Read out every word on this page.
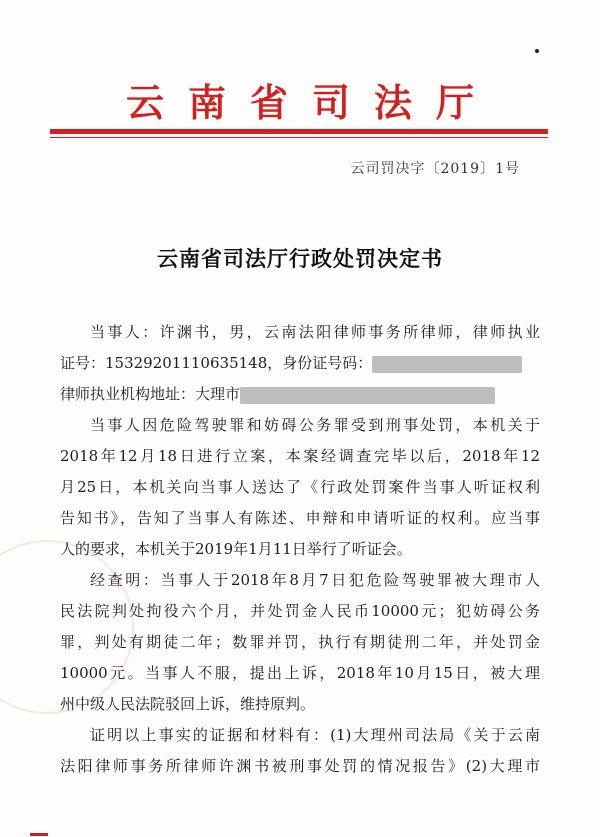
云南省司法厅
云司罚决字〔2019〕1号
云南省司法厅行政处罚决定书
当事人：许渊书，男，云南法阳律师事务所律师，律师执业
证号：15329201110635148，身份证号码：
律师执业机构地址：大理市
当事人因危险驾驶罪和妨碍公务罪受到刑事处罚，本机关于
2018年12月18日进行立案，本案经调查完毕以后，2018年12
月25日，本机关向当事人送达了《行政处罚案件当事人听证权利
告知书》，告知了当事人有陈述、申辩和申请听证的权利。应当事
人的要求，本机关于2019年1月11日举行了听证会。
经查明：当事人于2018年8月7日犯危险驾驶罪被大理市人
民法院判处拘役六个月，并处罚金人民币10000元；犯妨碍公务
罪，判处有期徒二年；数罪并罚，执行有期徒刑二年，并处罚金
10000元。当事人不服，提出上诉，2018年10月15日，被大理
州中级人民法院驳回上诉，维持原判。
证明以上事实的证据和材料有：(1)大理州司法局《关于云南
法阳律师事务所律师许渊书被刑事处罚的情况报告》(2)大理市
